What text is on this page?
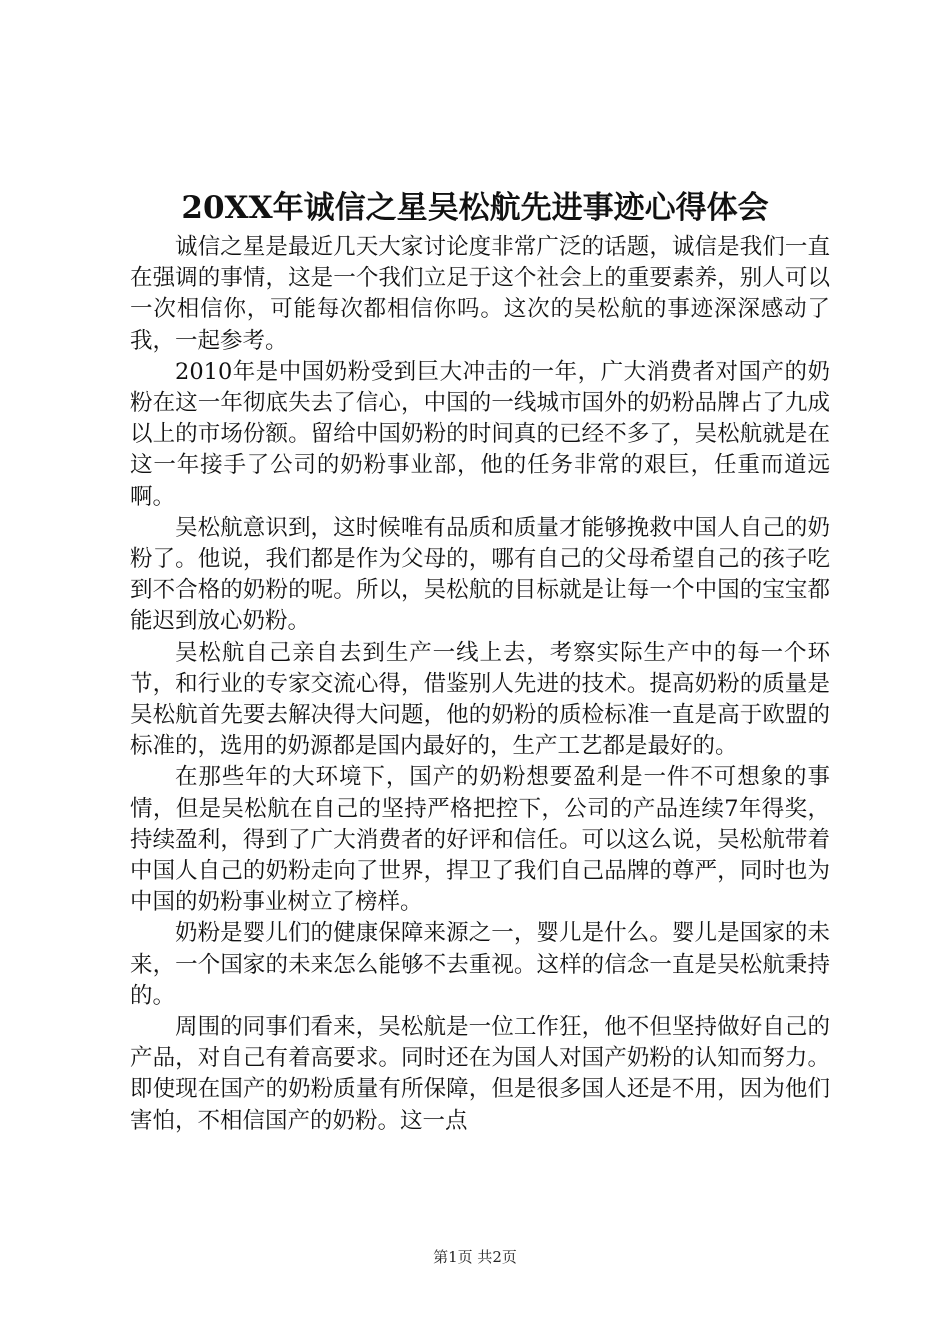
20XX年诚信之星吴松航先进事迹心得体会

诚信之星是最近几天大家讨论度非常广泛的话题，诚信是我们一直在强调的事情，这是一个我们立足于这个社会上的重要素养，别人可以一次相信你，可能每次都相信你吗。这次的吴松航的事迹深深感动了我，一起参考。

2010年是中国奶粉受到巨大冲击的一年，广大消费者对国产的奶粉在这一年彻底失去了信心，中国的一线城市国外的奶粉品牌占了九成以上的市场份额。留给中国奶粉的时间真的已经不多了，吴松航就是在这一年接手了公司的奶粉事业部，他的任务非常的艰巨，任重而道远啊。

吴松航意识到，这时候唯有品质和质量才能够挽救中国人自己的奶粉了。他说，我们都是作为父母的，哪有自己的父母希望自己的孩子吃到不合格的奶粉的呢。所以，吴松航的目标就是让每一个中国的宝宝都能迟到放心奶粉。

吴松航自己亲自去到生产一线上去，考察实际生产中的每一个环节，和行业的专家交流心得，借鉴别人先进的技术。提高奶粉的质量是吴松航首先要去解决得大问题，他的奶粉的质检标准一直是高于欧盟的标准的，选用的奶源都是国内最好的，生产工艺都是最好的。

在那些年的大环境下，国产的奶粉想要盈利是一件不可想象的事情，但是吴松航在自己的坚持严格把控下，公司的产品连续7年得奖，持续盈利，得到了广大消费者的好评和信任。可以这么说，吴松航带着中国人自己的奶粉走向了世界，捍卫了我们自己品牌的尊严，同时也为中国的奶粉事业树立了榜样。

奶粉是婴儿们的健康保障来源之一，婴儿是什么。婴儿是国家的未来，一个国家的未来怎么能够不去重视。这样的信念一直是吴松航秉持的。

周围的同事们看来，吴松航是一位工作狂，他不但坚持做好自己的产品，对自己有着高要求。同时还在为国人对国产奶粉的认知而努力。即使现在国产的奶粉质量有所保障，但是很多国人还是不用，因为他们害怕，不相信国产的奶粉。这一点

第1页 共2页
